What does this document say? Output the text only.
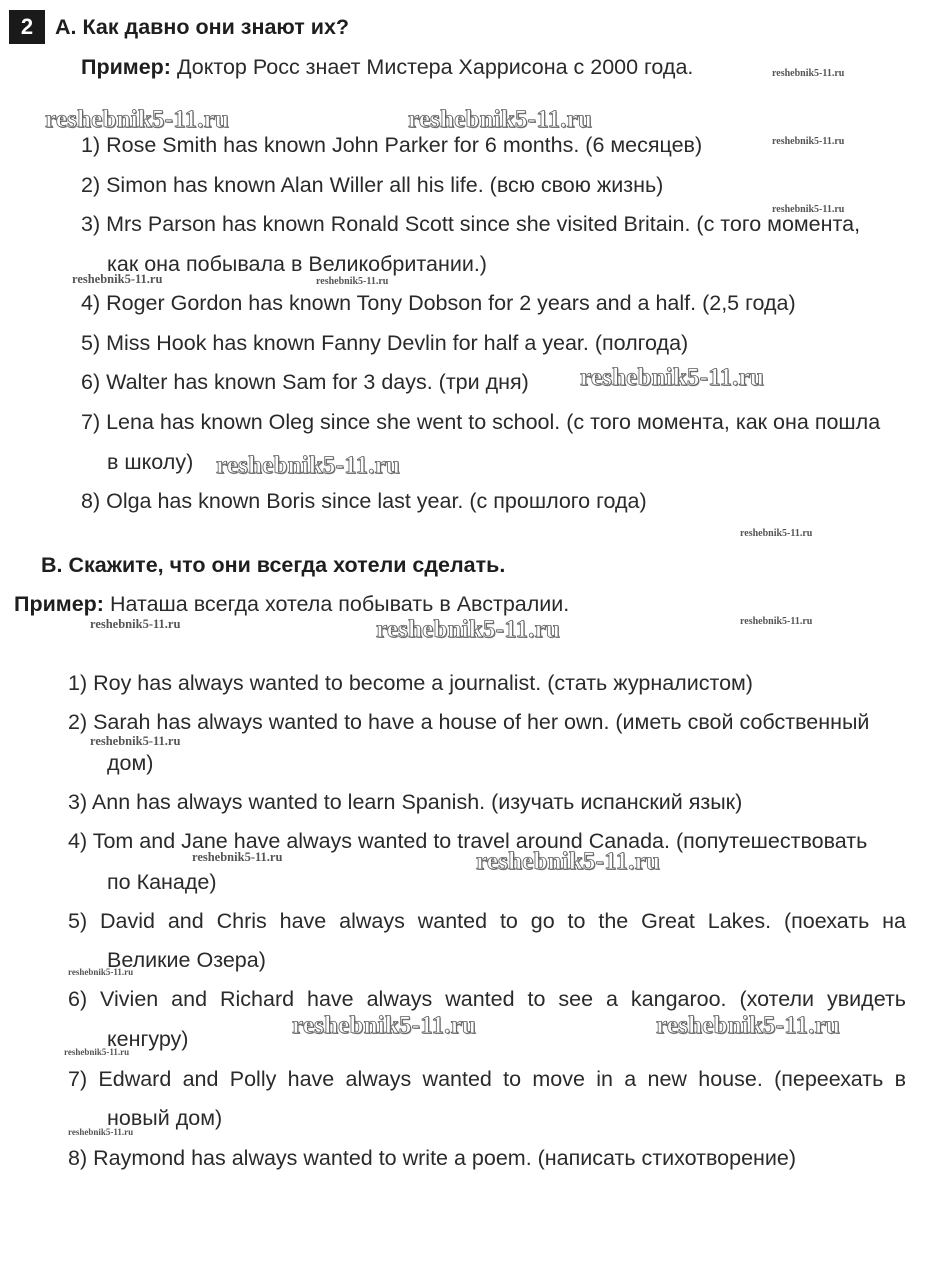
2	A. Как давно они знают их?
Пример: Доктор Росс знает Мистера Харрисона с 2000 года.
1) Rose Smith has known John Parker for 6 months. (6 месяцев)
2) Simon has known Alan Willer all his life. (всю свою жизнь)
3) Mrs Parson has known Ronald Scott since she visited Britain. (с того момента,
как она побывала в Великобритании.)
4) Roger Gordon has known Tony Dobson for 2 years and a half. (2,5 года)
5) Miss Hook has known Fanny Devlin for half a year. (полгода)
6) Walter has known Sam for 3 days. (три дня)
7) Lena has known Oleg since she went to school. (с того момента, как она пошла
в школу)
8) Olga has known Boris since last year. (с прошлого года)
B. Скажите, что они всегда хотели сделать.
Пример: Наташа всегда хотела побывать в Австралии.
1) Roy has always wanted to become a journalist. (стать журналистом)
2) Sarah has always wanted to have a house of her own. (иметь свой собственный
дом)
3) Ann has always wanted to learn Spanish. (изучать испанский язык)
4) Tom and Jane have always wanted to travel around Canada. (попутешествовать
по Канаде)
5) David and Chris have always wanted to go to the Great Lakes. (поехать на
Великие Озера)
6) Vivien and Richard have always wanted to see a kangaroo. (хотели увидеть
кенгуру)
7) Edward and Polly have always wanted to move in a new house. (переехать в
новый дом)
8) Raymond has always wanted to write a poem. (написать стихотворение)
reshebnik5-11.ru	reshebnik5-11.ru
reshebnik5-11.ru
reshebnik5-11.ru
reshebnik5-11.ru
reshebnik5-11.ru
reshebnik5-11.ru	reshebnik5-11.ru
reshebnik5-11.ru
reshebnik5-11.ru
reshebnik5-11.ru
reshebnik5-11.ru
reshebnik5-11.ru
reshebnik5-11.ru
reshebnik5-11.ru
reshebnik5-11.ru
reshebnik5-11.ru
reshebnik5-11.ru
reshebnik5-11.ru
reshebnik5-11.ru
reshebnik5-11.ru
